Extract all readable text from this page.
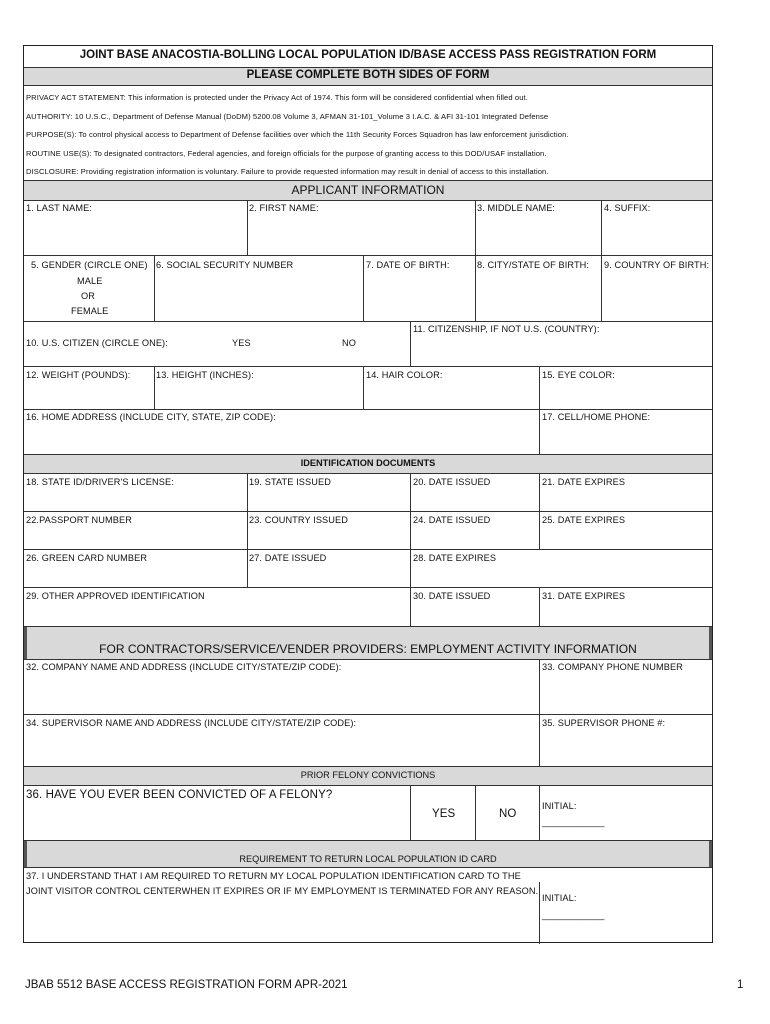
JOINT BASE ANACOSTIA-BOLLING LOCAL POPULATION ID/BASE ACCESS PASS REGISTRATION FORM
PLEASE COMPLETE BOTH SIDES OF FORM
PRIVACY ACT STATEMENT: This information is protected under the Privacy Act of 1974. This form will be considered confidential when filled out.
AUTHORITY: 10 U.S.C., Department of Defense Manual (DoDM) 5200.08 Volume 3, AFMAN 31-101_Volume 3 I.A.C. & AFI 31-101 Integrated Defense
PURPOSE(S): To control physical access to Department of Defense facilities over which the 11th Security Forces Squadron has law enforcement jurisdiction.
ROUTINE USE(S): To designated contractors, Federal agencies, and foreign officials for the purpose of granting access to this DOD/USAF installation.
DISCLOSURE: Providing registration information is voluntary. Failure to provide requested information may result in denial of access to this installation.
APPLICANT INFORMATION
1. LAST NAME:	2. FIRST NAME:	3. MIDDLE NAME:	4. SUFFIX:
5. GENDER (CIRCLE ONE)
MALE
OR
FEMALE
6. SOCIAL SECURITY NUMBER	7. DATE OF BIRTH:	8. CITY/STATE OF BIRTH: 9. COUNTRY OF BIRTH:
10. U.S. CITIZEN (CIRCLE ONE):	YES	NO
11. CITIZENSHIP, IF NOT U.S. (COUNTRY):
12. WEIGHT (POUNDS):	13. HEIGHT (INCHES):	14. HAIR COLOR:	15. EYE COLOR:
16. HOME ADDRESS (INCLUDE CITY, STATE, ZIP CODE):	17. CELL/HOME PHONE:
IDENTIFICATION DOCUMENTS
18. STATE ID/DRIVER'S LICENSE:	19. STATE ISSUED	20. DATE ISSUED	21. DATE EXPIRES
22.PASSPORT NUMBER	23. COUNTRY ISSUED	24. DATE ISSUED	25. DATE EXPIRES
26. GREEN CARD NUMBER	27. DATE ISSUED	28. DATE EXPIRES
29. OTHER APPROVED IDENTIFICATION	30. DATE ISSUED	31. DATE EXPIRES
FOR CONTRACTORS/SERVICE/VENDER PROVIDERS: EMPLOYMENT ACTIVITY INFORMATION
32. COMPANY NAME AND ADDRESS (INCLUDE CITY/STATE/ZIP CODE):	33. COMPANY PHONE NUMBER
34. SUPERVISOR NAME AND ADDRESS (INCLUDE CITY/STATE/ZIP CODE):	35. SUPERVISOR PHONE #:
PRIOR FELONY CONVICTIONS
36. HAVE YOU EVER BEEN CONVICTED OF A FELONY?
YES	NO
INITIAL:
____________
REQUIREMENT TO RETURN LOCAL POPULATION ID CARD
37. I UNDERSTAND THAT I AM REQUIRED TO RETURN MY LOCAL POPULATION IDENTIFICATION CARD TO THE
JOINT VISITOR CONTROL CENTERWHEN IT EXPIRES OR IF MY EMPLOYMENT IS TERMINATED FOR ANY REASON.
INITIAL:
____________
JBAB 5512 BASE ACCESS REGISTRATION FORM APR-2021	1
